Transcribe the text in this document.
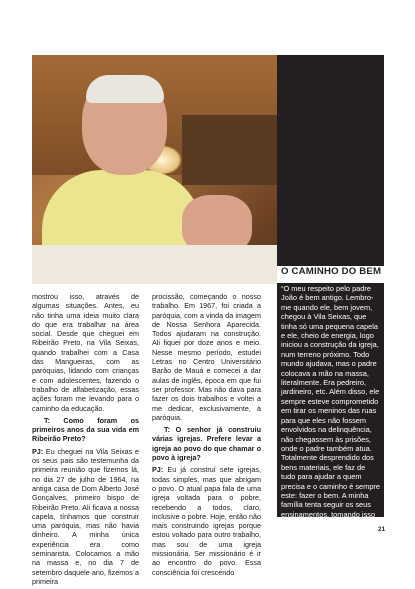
mostrou isso, através de algumas situações. Antes, eu não tinha uma ideia muito clara do que era trabalhar na área social. Desde que cheguei em Ribeirão Preto, na Vila Seixas, quando trabalhei com a Casa das Mangueiras, com as paróquias, lidando com crianças e com adolescentes, fazendo o trabalho de alfabetização, essas ações foram me levando para o caminho da educação.

T: Como foram os primeiros anos da sua vida em Ribeirão Preto?

PJ: Eu cheguei na Vila Seixas e os seus pais são testemunha da primeira reunião que fizemos lá, no dia 27 de julho de 1964, na antiga casa de Dom Alberto José Gonçalves, primeiro bispo de Ribeirão Preto. Ali ficava a nossa capela, tínhamos que construir uma paróquia, mas não havia dinheiro. A minha única experiência era como seminarista. Colocamos a mão na massa e, no dia 7 de setembro daquele ano, fizemos a primeira

procissão, começando o nosso trabalho. Em 1967, foi criada a paróquia, com a vinda da imagem de Nossa Senhora Aparecida. Todos ajudaram na construção. Ali fiquei por doze anos e meio. Nesse mesmo período, estudei Letras no Centro Universitário Barão de Mauá e comecei a dar aulas de inglês, época em que fui ser professor. Mas não dava para fazer os dois trabalhos e voltei a me dedicar, exclusivamente, à paróquia.

T: O senhor já construiu várias igrejas. Prefere levar a igreja ao povo do que chamar o povo à igreja?

PJ: Eu já construí sete igrejas, todas simples, mas que abrigam o povo. O atual papa fala de uma igreja voltada para o pobre, recebendo a todos, claro, inclusive o pobre. Hoje, então não mais construindo igrejas porque estou voltado para outro trabalho, mas sou de uma igreja missionária. Ser missionário é ir ao encontro do povo. Essa consciência foi crescendo

O CAMINHO DO BEM
“O meu respeito pelo padre João é bem antigo. Lembro-me quando ele, bem jovem, chegou à Vila Seixas, que tinha só uma pequena capela e ele, cheio de energia, logo iniciou a construção da igreja, num terreno próximo. Todo mundo ajudava, mas o padre colocava a mão na massa, literalmente. Era pedreiro, jardineiro, etc. Além disso, ele sempre esteve comprometido em tirar os meninos das ruas para que eles não fossem envolvidos na delinquência, não chegassem às prisões, onde o padre também atua. Totalmente desprendido dos bens materiais, ele faz de tudo para ajudar a quem precisa e o caminho é sempre este: fazer o bem. A minha família tenta seguir os seus ensinamentos, tomando isso como base. Padre João não tem só a minha admiração, também possui o respeito da sociedade de Ribeirão Preto”.
Tomie Sakamoto, empresária
21
